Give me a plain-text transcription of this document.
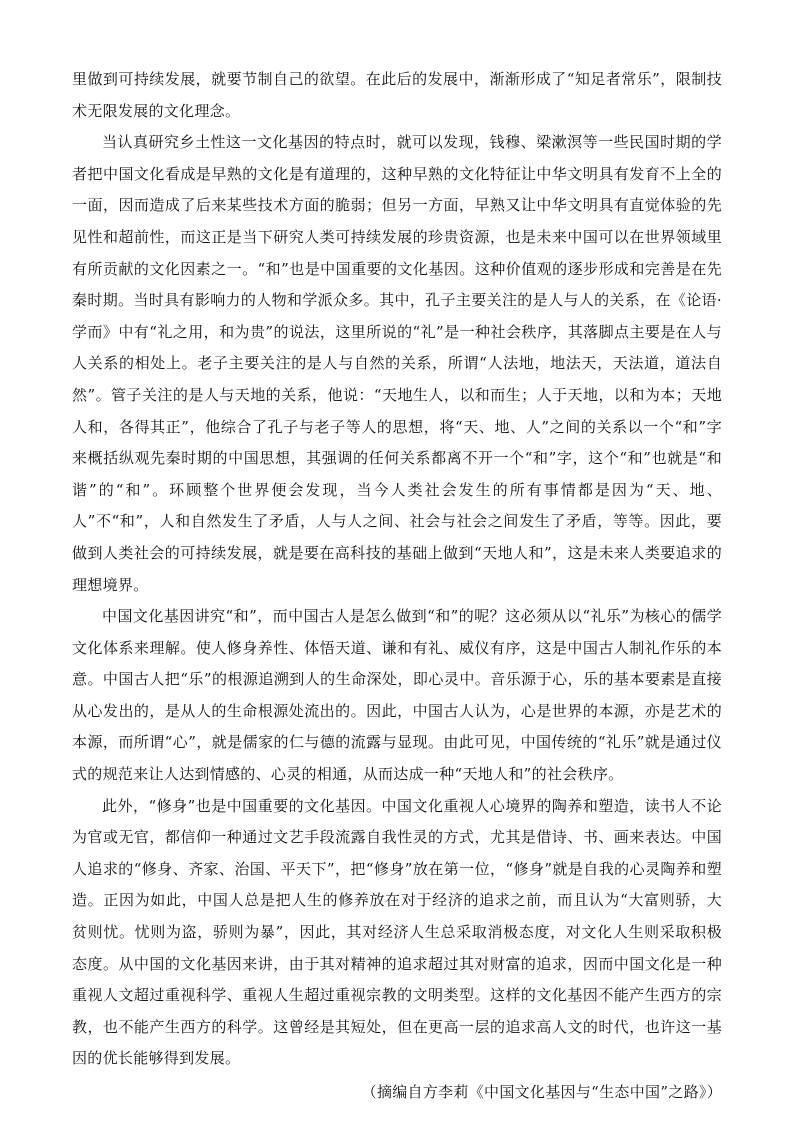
里做到可持续发展，就要节制自己的欲望。在此后的发展中，渐渐形成了“知足者常乐”，限制技术无限发展的文化理念。

当认真研究乡土性这一文化基因的特点时，就可以发现，钱穆、梁漱溟等一些民国时期的学者把中国文化看成是早熟的文化是有道理的，这种早熟的文化特征让中华文明具有发育不上全的一面，因而造成了后来某些技术方面的脆弱；但另一方面，早熟又让中华文明具有直觉体验的先见性和超前性，而这正是当下研究人类可持续发展的珍贵资源，也是未来中国可以在世界领域里有所贡献的文化因素之一。“和”也是中国重要的文化基因。这种价值观的逐步形成和完善是在先秦时期。当时具有影响力的人物和学派众多。其中，孔子主要关注的是人与人的关系，在《论语·学而》中有“礼之用，和为贵”的说法，这里所说的“礼”是一种社会秩序，其落脚点主要是在人与人关系的相处上。老子主要关注的是人与自然的关系，所谓“人法地，地法天，天法道，道法自然”。管子关注的是人与天地的关系，他说：“天地生人，以和而生；人于天地，以和为本；天地人和，各得其正”，他综合了孔子与老子等人的思想，将“天、地、人”之间的关系以一个“和”字来概括纵观先秦时期的中国思想，其强调的任何关系都离不开一个“和”字，这个“和”也就是“和谐”的“和”。环顾整个世界便会发现，当今人类社会发生的所有事情都是因为“天、地、人”不“和”，人和自然发生了矛盾，人与人之间、社会与社会之间发生了矛盾，等等。因此，要做到人类社会的可持续发展，就是要在高科技的基础上做到“天地人和”，这是未来人类要追求的理想境界。

中国文化基因讲究“和”，而中国古人是怎么做到“和”的呢？这必须从以“礼乐”为核心的儒学文化体系来理解。使人修身养性、体悟天道、谦和有礼、威仪有序，这是中国古人制礼作乐的本意。中国古人把“乐”的根源追溯到人的生命深处，即心灵中。音乐源于心，乐的基本要素是直接从心发出的，是从人的生命根源处流出的。因此，中国古人认为，心是世界的本源，亦是艺术的本源，而所谓“心”，就是儒家的仁与德的流露与显现。由此可见，中国传统的“礼乐”就是通过仪式的规范来让人达到情感的、心灵的相通，从而达成一种“天地人和”的社会秩序。

此外，“修身”也是中国重要的文化基因。中国文化重视人心境界的陶养和塑造，读书人不论为官或无官，都信仰一种通过文艺手段流露自我性灵的方式，尤其是借诗、书、画来表达。中国人追求的“修身、齐家、治国、平天下”，把“修身”放在第一位，“修身”就是自我的心灵陶养和塑造。正因为如此，中国人总是把人生的修养放在对于经济的追求之前，而且认为“大富则骄，大贫则忧。忧则为盗，骄则为暴”，因此，其对经济人生总采取消极态度，对文化人生则采取积极态度。从中国的文化基因来讲，由于其对精神的追求超过其对财富的追求，因而中国文化是一种重视人文超过重视科学、重视人生超过重视宗教的文明类型。这样的文化基因不能产生西方的宗教，也不能产生西方的科学。这曾经是其短处，但在更高一层的追求高人文的时代，也许这一基因的优长能够得到发展。

（摘编自方李莉《中国文化基因与“生态中国”之路》）
